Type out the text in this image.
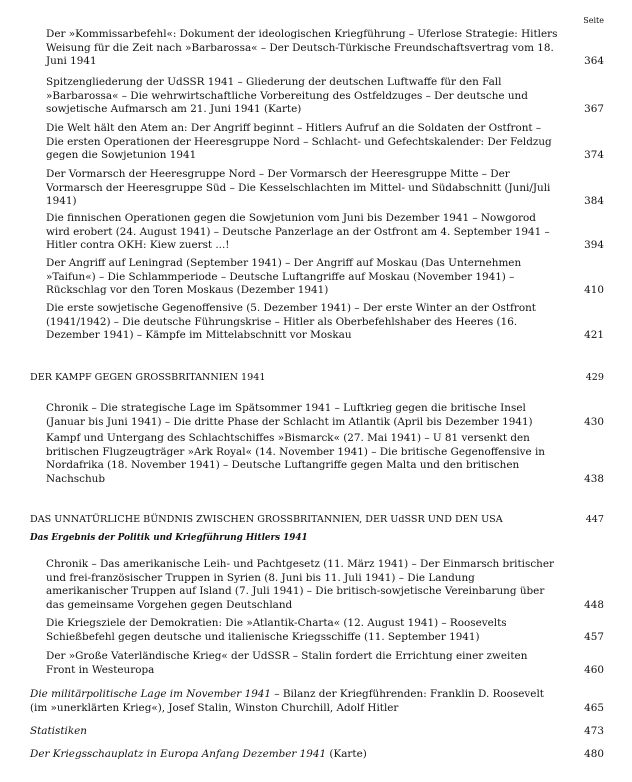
Seite
Der »Kommissarbefehl«: Dokument der ideologischen Kriegführung – Uferlose Strategie: Hitlers Weisung für die Zeit nach »Barbarossa« – Der Deutsch-Türkische Freundschaftsvertrag vom 18. Juni 1941	364
Spitzengliederung der UdSSR 1941 – Gliederung der deutschen Luftwaffe für den Fall »Barbarossa« – Die wehrwirtschaftliche Vorbereitung des Ostfeldzuges – Der deutsche und sowjetische Aufmarsch am 21. Juni 1941 (Karte)	367
Die Welt hält den Atem an: Der Angriff beginnt – Hitlers Aufruf an die Soldaten der Ostfront – Die ersten Operationen der Heeresgruppe Nord – Schlacht- und Gefechtskalender: Der Feldzug gegen die Sowjetunion 1941	374
Der Vormarsch der Heeresgruppe Nord – Der Vormarsch der Heeresgruppe Mitte – Der Vormarsch der Heeresgruppe Süd – Die Kesselschlachten im Mittel- und Südabschnitt (Juni/Juli 1941)	384
Die finnischen Operationen gegen die Sowjetunion vom Juni bis Dezember 1941 – Nowgorod wird erobert (24. August 1941) – Deutsche Panzerlage an der Ostfront am 4. September 1941 – Hitler contra OKH: Kiew zuerst ...!	394
Der Angriff auf Leningrad (September 1941) – Der Angriff auf Moskau (Das Unternehmen »Taifun«) – Die Schlammperiode – Deutsche Luftangriffe auf Moskau (November 1941) – Rückschlag vor den Toren Moskaus (Dezember 1941)	410
Die erste sowjetische Gegenoffensive (5. Dezember 1941) – Der erste Winter an der Ostfront (1941/1942) – Die deutsche Führungskrise – Hitler als Oberbefehlshaber des Heeres (16. Dezember 1941) – Kämpfe im Mittelabschnitt vor Moskau	421
DER KAMPF GEGEN GROSSBRITANNIEN 1941	429
Chronik – Die strategische Lage im Spätsommer 1941 – Luftkrieg gegen die britische Insel (Januar bis Juni 1941) – Die dritte Phase der Schlacht im Atlantik (April bis Dezember 1941)	430
Kampf und Untergang des Schlachtschiffes »Bismarck« (27. Mai 1941) – U 81 versenkt den britischen Flugzeugträger »Ark Royal« (14. November 1941) – Die britische Gegenoffensive in Nordafrika (18. November 1941) – Deutsche Luftangriffe gegen Malta und den britischen Nachschub	438
DAS UNNATÜRLICHE BÜNDNIS ZWISCHEN GROSSBRITANNIEN, DER UdSSR UND DEN USA	447
Das Ergebnis der Politik und Kriegführung Hitlers 1941
Chronik – Das amerikanische Leih- und Pachtgesetz (11. März 1941) – Der Einmarsch britischer und frei-französischer Truppen in Syrien (8. Juni bis 11. Juli 1941) – Die Landung amerikanischer Truppen auf Island (7. Juli 1941) – Die britisch-sowjetische Vereinbarung über das gemeinsame Vorgehen gegen Deutschland	448
Die Kriegsziele der Demokratien: Die »Atlantik-Charta« (12. August 1941) – Roosevelts Schießbefehl gegen deutsche und italienische Kriegsschiffe (11. September 1941)	457
Der »Große Vaterländische Krieg« der UdSSR – Stalin fordert die Errichtung einer zweiten Front in Westeuropa	460
Die militärpolitische Lage im November 1941 – Bilanz der Kriegführenden: Franklin D. Roosevelt (im »unerklärten Krieg«), Josef Stalin, Winston Churchill, Adolf Hitler	465
Statistiken	473
Der Kriegsschauplatz in Europa Anfang Dezember 1941 (Karte)	480
